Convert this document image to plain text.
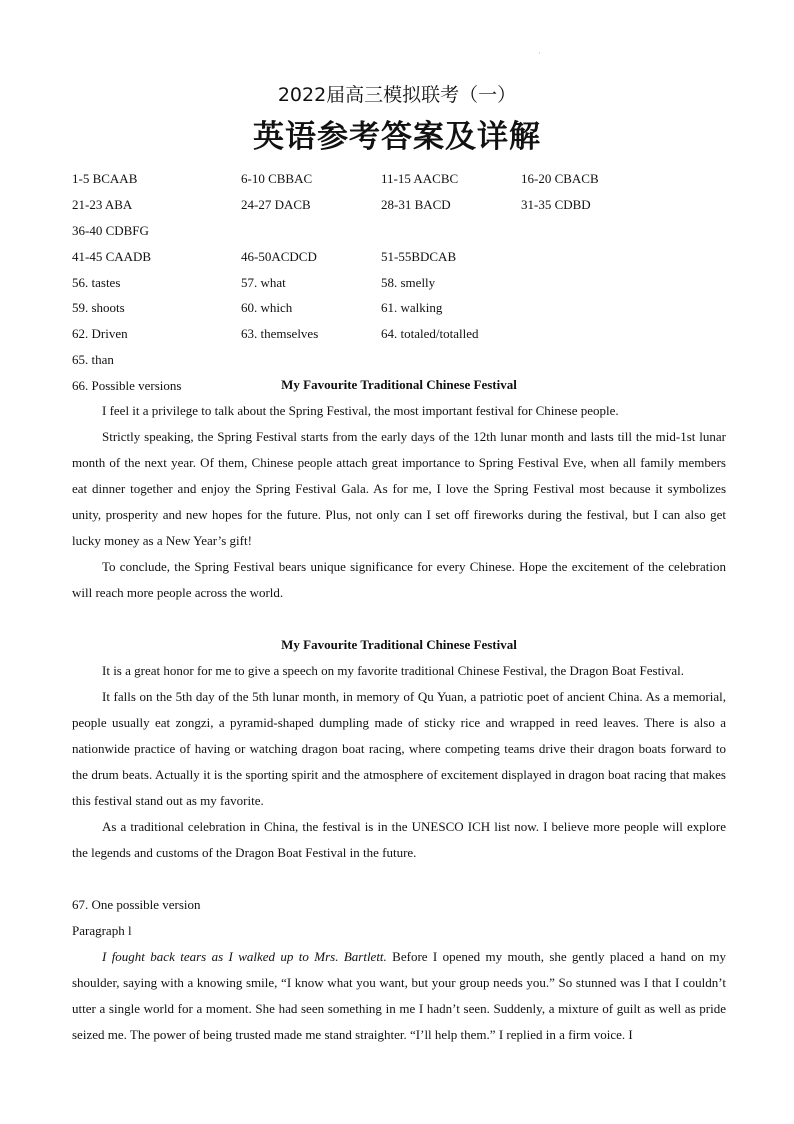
·
2022届高三模拟联考（一）
英语参考答案及详解
1-5 BCAAB	6-10 CBBAC	11-15 AACBC	16-20 CBACB
21-23 ABA	24-27 DACB	28-31 BACD	31-35 CDBD
36-40 CDBFG
41-45 CAADB	46-50ACDCD	51-55BDCAB
56. tastes	57. what	58. smelly
59. shoots	60. which	61. walking
62. Driven	63. themselves	64. totaled/totalled
65. than
66. Possible versions	My Favourite Traditional Chinese Festival

I feel it a privilege to talk about the Spring Festival, the most important festival for Chinese people.

Strictly speaking, the Spring Festival starts from the early days of the 12th lunar month and lasts till the mid-1st lunar month of the next year. Of them, Chinese people attach great importance to Spring Festival Eve, when all family members eat dinner together and enjoy the Spring Festival Gala. As for me, I love the Spring Festival most because it symbolizes unity, prosperity and new hopes for the future. Plus, not only can I set off fireworks during the festival, but I can also get lucky money as a New Year’s gift!

To conclude, the Spring Festival bears unique significance for every Chinese. Hope the excitement of the celebration will reach more people across the world.

My Favourite Traditional Chinese Festival

It is a great honor for me to give a speech on my favorite traditional Chinese Festival, the Dragon Boat Festival.

It falls on the 5th day of the 5th lunar month, in memory of Qu Yuan, a patriotic poet of ancient China. As a memorial, people usually eat zongzi, a pyramid-shaped dumpling made of sticky rice and wrapped in reed leaves. There is also a nationwide practice of having or watching dragon boat racing, where competing teams drive their dragon boats forward to the drum beats. Actually it is the sporting spirit and the atmosphere of excitement displayed in dragon boat racing that makes this festival stand out as my favorite.

As a traditional celebration in China, the festival is in the UNESCO ICH list now. I believe more people will explore the legends and customs of the Dragon Boat Festival in the future.

67. One possible version

Paragraph l

I fought back tears as I walked up to Mrs. Bartlett. Before I opened my mouth, she gently placed a hand on my shoulder, saying with a knowing smile, “I know what you want, but your group needs you.” So stunned was I that I couldn’t utter a single world for a moment. She had seen something in me I hadn’t seen. Suddenly, a mixture of guilt as well as pride seized me. The power of being trusted made me stand straighter. “I’ll help them.” I replied in a firm voice. I
